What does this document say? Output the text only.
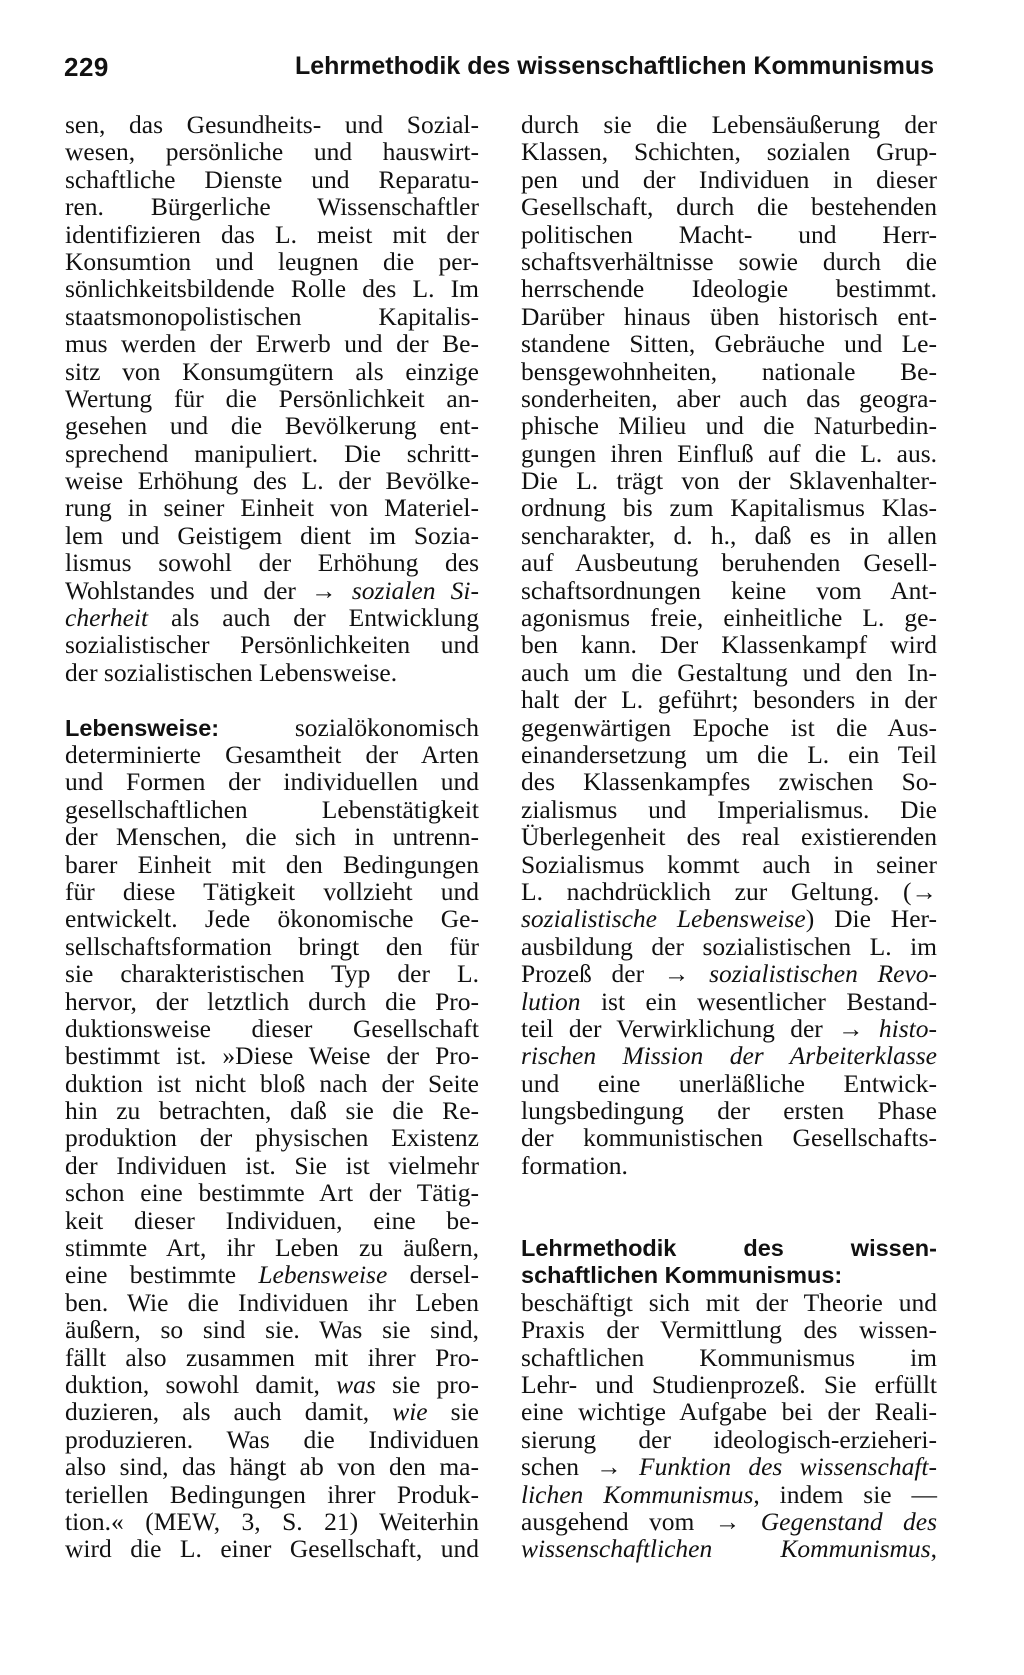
229	Lehrmethodik des wissenschaftlichen Kommunismus
sen, das Gesundheits- und Sozial-
wesen, persönliche und hauswirt-
schaftliche Dienste und Reparatu-
ren. Bürgerliche Wissenschaftler
identifizieren das L. meist mit der
Konsumtion und leugnen die per-
sönlichkeitsbildende Rolle des L. Im
staatsmonopolistischen Kapitalis-
mus werden der Erwerb und der Be-
sitz von Konsumgütern als einzige
Wertung für die Persönlichkeit an-
gesehen und die Bevölkerung ent-
sprechend manipuliert. Die schritt-
weise Erhöhung des L. der Bevölke-
rung in seiner Einheit von Materiel-
lem und Geistigem dient im Sozia-
lismus sowohl der Erhöhung des
Wohlstandes und der → sozialen Si-
cherheit als auch der Entwicklung
sozialistischer Persönlichkeiten und
der sozialistischen Lebensweise.
Lebensweise: sozialökonomisch
determinierte Gesamtheit der Arten
und Formen der individuellen und
gesellschaftlichen Lebenstätigkeit
der Menschen, die sich in untrenn-
barer Einheit mit den Bedingungen
für diese Tätigkeit vollzieht und
entwickelt. Jede ökonomische Ge-
sellschaftsformation bringt den für
sie charakteristischen Typ der L.
hervor, der letztlich durch die Pro-
duktionsweise dieser Gesellschaft
bestimmt ist. »Diese Weise der Pro-
duktion ist nicht bloß nach der Seite
hin zu betrachten, daß sie die Re-
produktion der physischen Existenz
der Individuen ist. Sie ist vielmehr
schon eine bestimmte Art der Tätig-
keit dieser Individuen, eine be-
stimmte Art, ihr Leben zu äußern,
eine bestimmte Lebensweise dersel-
ben. Wie die Individuen ihr Leben
äußern, so sind sie. Was sie sind,
fällt also zusammen mit ihrer Pro-
duktion, sowohl damit, was sie pro-
duzieren, als auch damit, wie sie
produzieren. Was die Individuen
also sind, das hängt ab von den ma-
teriellen Bedingungen ihrer Produk-
tion.« (MEW, 3, S. 21) Weiterhin
wird die L. einer Gesellschaft, und
durch sie die Lebensäußerung der
Klassen, Schichten, sozialen Grup-
pen und der Individuen in dieser
Gesellschaft, durch die bestehenden
politischen Macht- und Herr-
schaftsverhältnisse sowie durch die
herrschende Ideologie bestimmt.
Darüber hinaus üben historisch ent-
standene Sitten, Gebräuche und Le-
bensgewohnheiten, nationale Be-
sonderheiten, aber auch das geogra-
phische Milieu und die Naturbedin-
gungen ihren Einfluß auf die L. aus.
Die L. trägt von der Sklavenhalter-
ordnung bis zum Kapitalismus Klas-
sencharakter, d. h., daß es in allen
auf Ausbeutung beruhenden Gesell-
schaftsordnungen keine vom Ant-
agonismus freie, einheitliche L. ge-
ben kann. Der Klassenkampf wird
auch um die Gestaltung und den In-
halt der L. geführt; besonders in der
gegenwärtigen Epoche ist die Aus-
einandersetzung um die L. ein Teil
des Klassenkampfes zwischen So-
zialismus und Imperialismus. Die
Überlegenheit des real existierenden
Sozialismus kommt auch in seiner
L. nachdrücklich zur Geltung. (→
sozialistische Lebensweise) Die Her-
ausbildung der sozialistischen L. im
Prozeß der → sozialistischen Revo-
lution ist ein wesentlicher Bestand-
teil der Verwirklichung der → histo-
rischen Mission der Arbeiterklasse
und eine unerläßliche Entwick-
lungsbedingung der ersten Phase
der kommunistischen Gesellschafts-
formation.
Lehrmethodik des wissen-
schaftlichen Kommunismus:
beschäftigt sich mit der Theorie und
Praxis der Vermittlung des wissen-
schaftlichen Kommunismus im
Lehr- und Studienprozeß. Sie erfüllt
eine wichtige Aufgabe bei der Reali-
sierung der ideologisch-erzieheri-
schen → Funktion des wissenschaft-
lichen Kommunismus, indem sie —
ausgehend vom → Gegenstand des
wissenschaftlichen Kommunismus,
